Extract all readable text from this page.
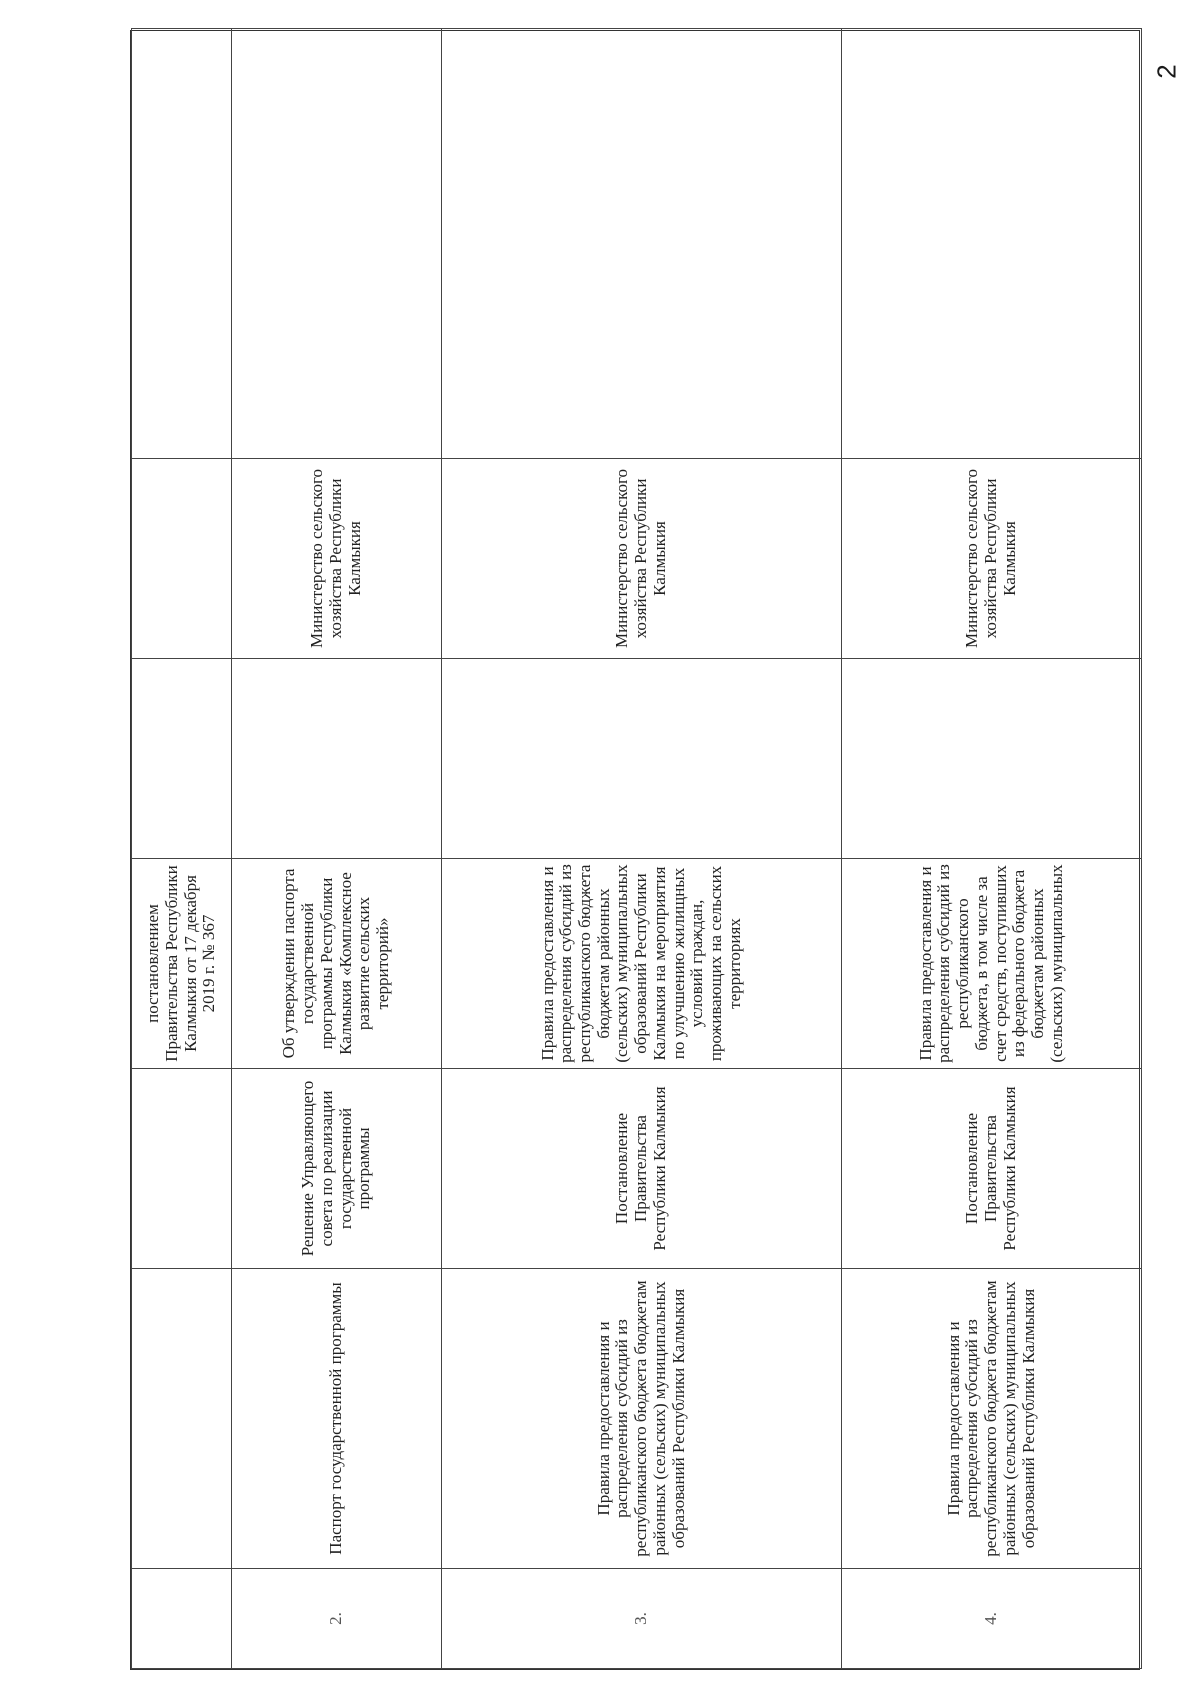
2
			постановлением Правительства Республики Калмыкия от 17 декабря 2019 г. № 367			
2.	Паспорт государственной программы	Решение Управляющего совета по реализации государственной программы	Об утверждении паспорта государственной программы Республики Калмыкия «Комплексное развитие сельских территорий»		Министерство сельского хозяйства Республики Калмыкия	
3.	Правила предоставления и распределения субсидий из республиканского бюджета бюджетам районных (сельских) муниципальных образований Республики Калмыкия	Постановление Правительства Республики Калмыкия	Правила предоставления и распределения субсидий из республиканского бюджета бюджетам районных (сельских) муниципальных образований Республики Калмыкия на мероприятия по улучшению жилищных условий граждан, проживающих на сельских территориях		Министерство сельского хозяйства Республики Калмыкия	
4.	Правила предоставления и распределения субсидий из республиканского бюджета бюджетам районных (сельских) муниципальных образований Республики Калмыкия	Постановление Правительства Республики Калмыкия	Правила предоставления и распределения субсидий из республиканского бюджета, в том числе за счет средств, поступивших из федерального бюджета бюджетам районных (сельских) муниципальных		Министерство сельского хозяйства Республики Калмыкия	
